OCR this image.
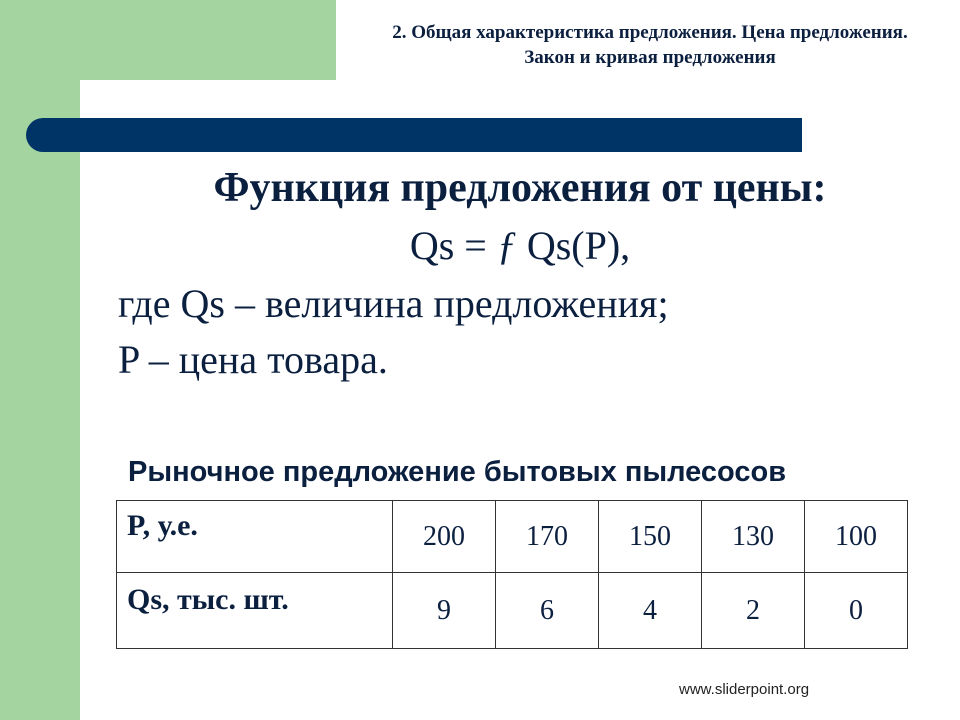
2. Общая характеристика предложения. Цена предложения. Закон и кривая предложения
Функция предложения от цены:
Qs = ƒ Qs(P),
где Qs – величина предложения;
P – цена товара.
Рыночное предложение бытовых пылесосов
P, у.е.	200	170	150	130	100
Qs, тыс. шт.	9	6	4	2	0
www.sliderpoint.org
